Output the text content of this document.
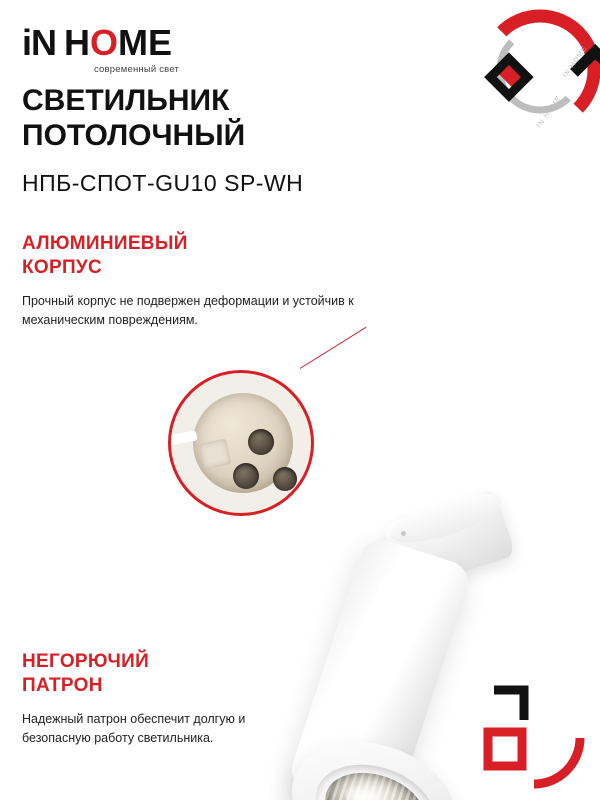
iN HOME
современный свет	IN HOME
IN HOME
СВЕТИЛЬНИК
ПОТОЛОЧНЫЙ
НПБ-СПОТ-GU10 SP-WH
АЛЮМИНИЕВЫЙ
КОРПУС
Прочный корпус не подвержен деформации и устойчив к механическим повреждениям.
НЕГОРЮЧИЙ
ПАТРОН
Надежный патрон обеспечит долгую и безопасную работу светильника.
